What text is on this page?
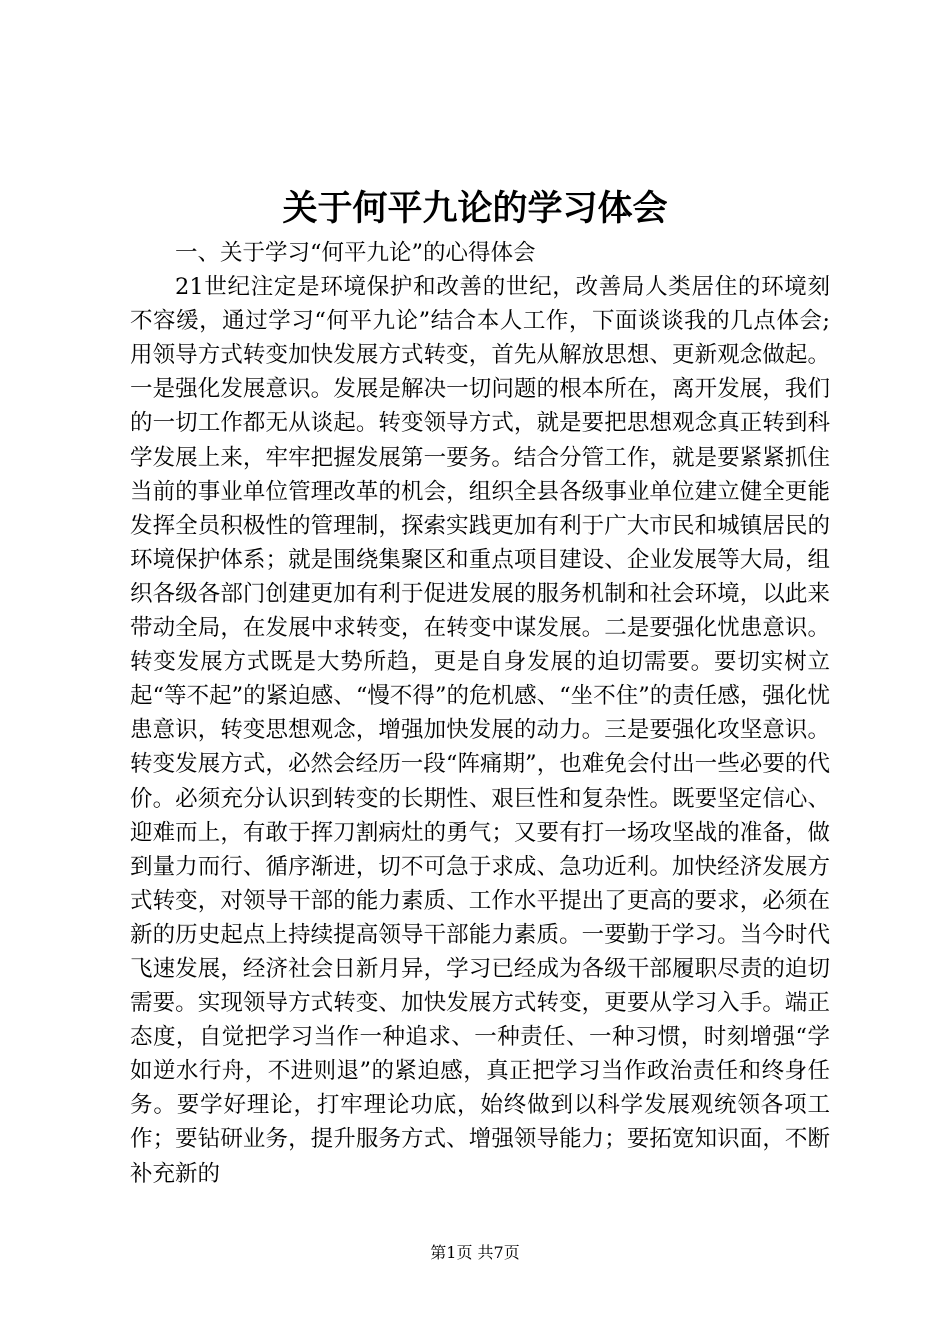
关于何平九论的学习体会

一、关于学习“何平九论”的心得体会

21世纪注定是环境保护和改善的世纪，改善局人类居住的环境刻不容缓，通过学习“何平九论”结合本人工作，下面谈谈我的几点体会;用领导方式转变加快发展方式转变，首先从解放思想、更新观念做起。一是强化发展意识。发展是解决一切问题的根本所在，离开发展，我们的一切工作都无从谈起。转变领导方式，就是要把思想观念真正转到科学发展上来，牢牢把握发展第一要务。结合分管工作，就是要紧紧抓住当前的事业单位管理改革的机会，组织全县各级事业单位建立健全更能发挥全员积极性的管理制，探索实践更加有利于广大市民和城镇居民的环境保护体系；就是围绕集聚区和重点项目建设、企业发展等大局，组织各级各部门创建更加有利于促进发展的服务机制和社会环境，以此来带动全局，在发展中求转变，在转变中谋发展。二是要强化忧患意识。转变发展方式既是大势所趋，更是自身发展的迫切需要。要切实树立起“等不起”的紧迫感、“慢不得”的危机感、“坐不住”的责任感，强化忧患意识，转变思想观念，增强加快发展的动力。三是要强化攻坚意识。转变发展方式，必然会经历一段“阵痛期”，也难免会付出一些必要的代价。必须充分认识到转变的长期性、艰巨性和复杂性。既要坚定信心、迎难而上，有敢于挥刀割病灶的勇气；又要有打一场攻坚战的准备，做到量力而行、循序渐进，切不可急于求成、急功近利。加快经济发展方式转变，对领导干部的能力素质、工作水平提出了更高的要求，必须在新的历史起点上持续提高领导干部能力素质。一要勤于学习。当今时代飞速发展，经济社会日新月异，学习已经成为各级干部履职尽责的迫切需要。实现领导方式转变、加快发展方式转变，更要从学习入手。端正态度，自觉把学习当作一种追求、一种责任、一种习惯，时刻增强“学如逆水行舟，不进则退”的紧迫感，真正把学习当作政治责任和终身任务。要学好理论，打牢理论功底，始终做到以科学发展观统领各项工作；要钻研业务，提升服务方式、增强领导能力；要拓宽知识面，不断补充新的

第1页 共7页
